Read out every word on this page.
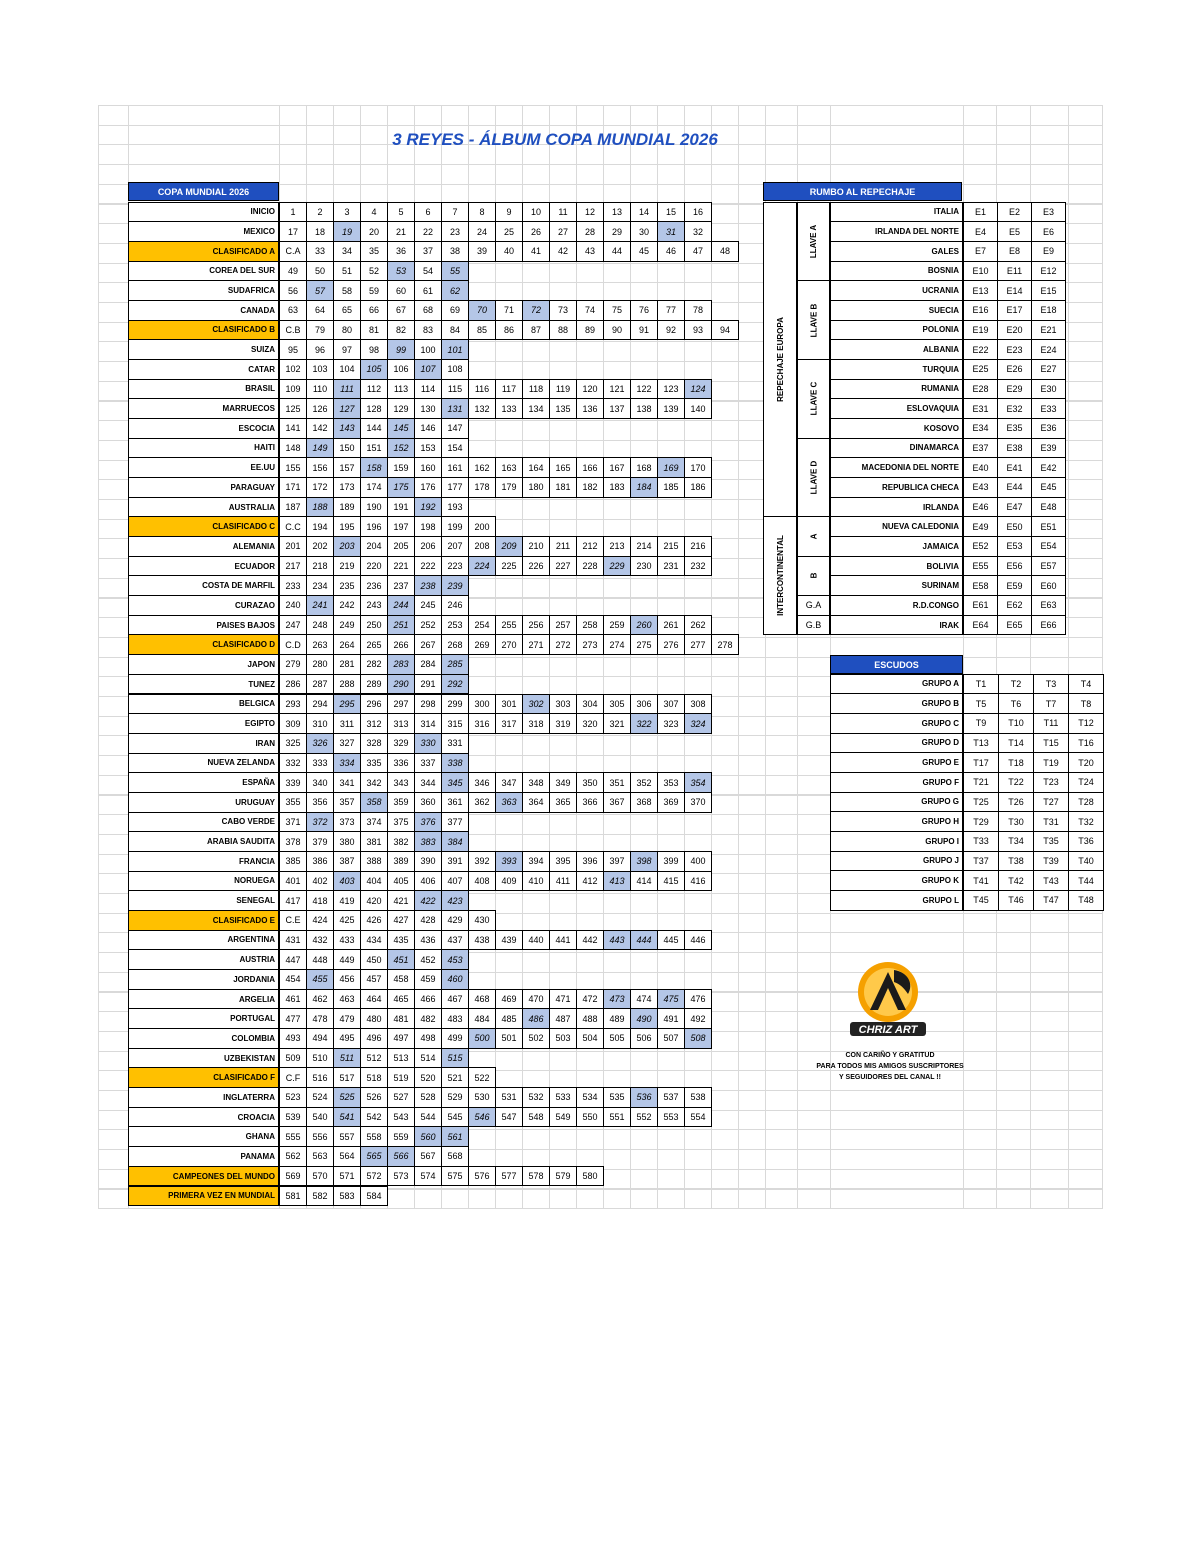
3 REYES - ÁLBUM COPA MUNDIAL 2026
COPA MUNDIAL 2026	RUMBO AL REPECHAJE
ESCUDOS
CHRIZ ART
CON CARIÑO Y GRATITUD
PARA TODOS MIS AMIGOS SUSCRIPTORES
Y SEGUIDORES DEL CANAL !!
INICIO	1	2	3	4	5	6	7	8	9	10	11	12	13	14	15	16
MEXICO	17	18	19	20	21	22	23	24	25	26	27	28	29	30	31	32
CLASIFICADO A	C.A	33	34	35	36	37	38	39	40	41	42	43	44	45	46	47	48
COREA DEL SUR	49	50	51	52	53	54	55
SUDAFRICA	56	57	58	59	60	61	62
CANADA	63	64	65	66	67	68	69	70	71	72	73	74	75	76	77	78
CLASIFICADO B	C.B	79	80	81	82	83	84	85	86	87	88	89	90	91	92	93	94
SUIZA	95	96	97	98	99	100	101
CATAR	102	103	104	105	106	107	108
BRASIL	109	110	111	112	113	114	115	116	117	118	119	120	121	122	123	124
MARRUECOS	125	126	127	128	129	130	131	132	133	134	135	136	137	138	139	140
ESCOCIA	141	142	143	144	145	146	147
HAITI	148	149	150	151	152	153	154
EE.UU	155	156	157	158	159	160	161	162	163	164	165	166	167	168	169	170
PARAGUAY	171	172	173	174	175	176	177	178	179	180	181	182	183	184	185	186
AUSTRALIA	187	188	189	190	191	192	193
CLASIFICADO C	C.C	194	195	196	197	198	199	200
ALEMANIA	201	202	203	204	205	206	207	208	209	210	211	212	213	214	215	216
ECUADOR	217	218	219	220	221	222	223	224	225	226	227	228	229	230	231	232
COSTA DE MARFIL	233	234	235	236	237	238	239
CURAZAO	240	241	242	243	244	245	246
PAISES BAJOS	247	248	249	250	251	252	253	254	255	256	257	258	259	260	261	262
CLASIFICADO D	C.D	263	264	265	266	267	268	269	270	271	272	273	274	275	276	277	278
JAPON	279	280	281	282	283	284	285
TUNEZ	286	287	288	289	290	291	292
BELGICA	293	294	295	296	297	298	299	300	301	302	303	304	305	306	307	308
EGIPTO	309	310	311	312	313	314	315	316	317	318	319	320	321	322	323	324
IRAN	325	326	327	328	329	330	331
NUEVA ZELANDA	332	333	334	335	336	337	338
ESPAÑA	339	340	341	342	343	344	345	346	347	348	349	350	351	352	353	354
URUGUAY	355	356	357	358	359	360	361	362	363	364	365	366	367	368	369	370
CABO VERDE	371	372	373	374	375	376	377
ARABIA SAUDITA	378	379	380	381	382	383	384
FRANCIA	385	386	387	388	389	390	391	392	393	394	395	396	397	398	399	400
NORUEGA	401	402	403	404	405	406	407	408	409	410	411	412	413	414	415	416
SENEGAL	417	418	419	420	421	422	423
CLASIFICADO E	C.E	424	425	426	427	428	429	430
ARGENTINA	431	432	433	434	435	436	437	438	439	440	441	442	443	444	445	446
AUSTRIA	447	448	449	450	451	452	453
JORDANIA	454	455	456	457	458	459	460
ARGELIA	461	462	463	464	465	466	467	468	469	470	471	472	473	474	475	476
PORTUGAL	477	478	479	480	481	482	483	484	485	486	487	488	489	490	491	492
COLOMBIA	493	494	495	496	497	498	499	500	501	502	503	504	505	506	507	508
UZBEKISTAN	509	510	511	512	513	514	515
CLASIFICADO F	C.F	516	517	518	519	520	521	522
INGLATERRA	523	524	525	526	527	528	529	530	531	532	533	534	535	536	537	538
CROACIA	539	540	541	542	543	544	545	546	547	548	549	550	551	552	553	554
GHANA	555	556	557	558	559	560	561
PANAMA	562	563	564	565	566	567	568
CAMPEONES DEL MUNDO	569	570	571	572	573	574	575	576	577	578	579	580
PRIMERA VEZ EN MUNDIAL	581	582	583	584
ITALIA	E1	E2	E3
IRLANDA DEL NORTE	E4	E5	E6
GALES	E7	E8	E9
BOSNIA	E10	E11	E12
UCRANIA	E13	E14	E15
SUECIA	E16	E17	E18
POLONIA	E19	E20	E21
ALBANIA	E22	E23	E24
TURQUIA	E25	E26	E27
RUMANIA	E28	E29	E30
ESLOVAQUIA	E31	E32	E33
KOSOVO	E34	E35	E36
DINAMARCA	E37	E38	E39
MACEDONIA DEL NORTE	E40	E41	E42
REPUBLICA CHECA	E43	E44	E45
IRLANDA	E46	E47	E48
NUEVA CALEDONIA	E49	E50	E51
JAMAICA	E52	E53	E54
BOLIVIA	E55	E56	E57
SURINAM	E58	E59	E60
R.D.CONGO	E61	E62	E63
IRAK	E64	E65	E66
REPECHAJE EUROPA
INTERCONTINENTAL
LLAVE A
LLAVE B
LLAVE C
LLAVE D
A
B
G.A
G.B
GRUPO A	T1	T2	T3	T4
GRUPO B	T5	T6	T7	T8
GRUPO C	T9	T10	T11	T12
GRUPO D	T13	T14	T15	T16
GRUPO E	T17	T18	T19	T20
GRUPO F	T21	T22	T23	T24
GRUPO G	T25	T26	T27	T28
GRUPO H	T29	T30	T31	T32
GRUPO I	T33	T34	T35	T36
GRUPO J	T37	T38	T39	T40
GRUPO K	T41	T42	T43	T44
GRUPO L	T45	T46	T47	T48
